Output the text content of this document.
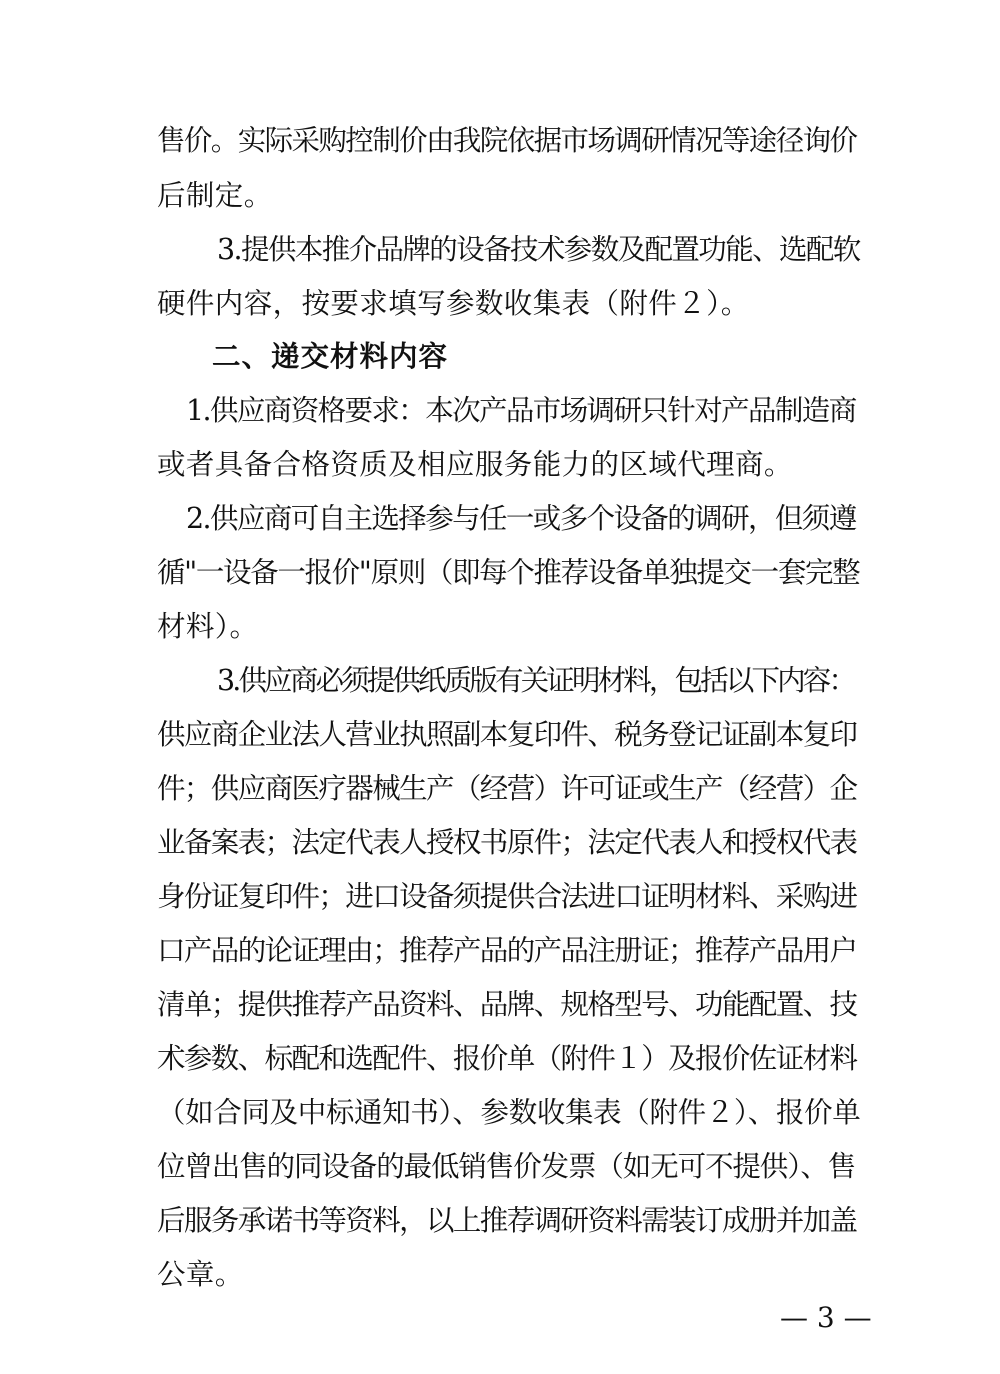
售价。实际采购控制价由我院依据市场调研情况等途径询价
后制定。
3.提供本推介品牌的设备技术参数及配置功能、选配软
硬件内容，按要求填写参数收集表（附件２）。
二、递交材料内容
1.供应商资格要求：本次产品市场调研只针对产品制造商
或者具备合格资质及相应服务能力的区域代理商。
2.供应商可自主选择参与任一或多个设备的调研，但须遵
循"一设备一报价"原则（即每个推荐设备单独提交一套完整
材料）。
3.供应商必须提供纸质版有关证明材料，包括以下内容：
供应商企业法人营业执照副本复印件、税务登记证副本复印
件；供应商医疗器械生产（经营）许可证或生产（经营）企
业备案表；法定代表人授权书原件；法定代表人和授权代表
身份证复印件；进口设备须提供合法进口证明材料、采购进
口产品的论证理由；推荐产品的产品注册证；推荐产品用户
清单；提供推荐产品资料、品牌、规格型号、功能配置、技
术参数、标配和选配件、报价单（附件１）及报价佐证材料
（如合同及中标通知书）、参数收集表（附件２）、报价单
位曾出售的同设备的最低销售价发票（如无可不提供）、售
后服务承诺书等资料，以上推荐调研资料需装订成册并加盖
公章。
— 3 —
